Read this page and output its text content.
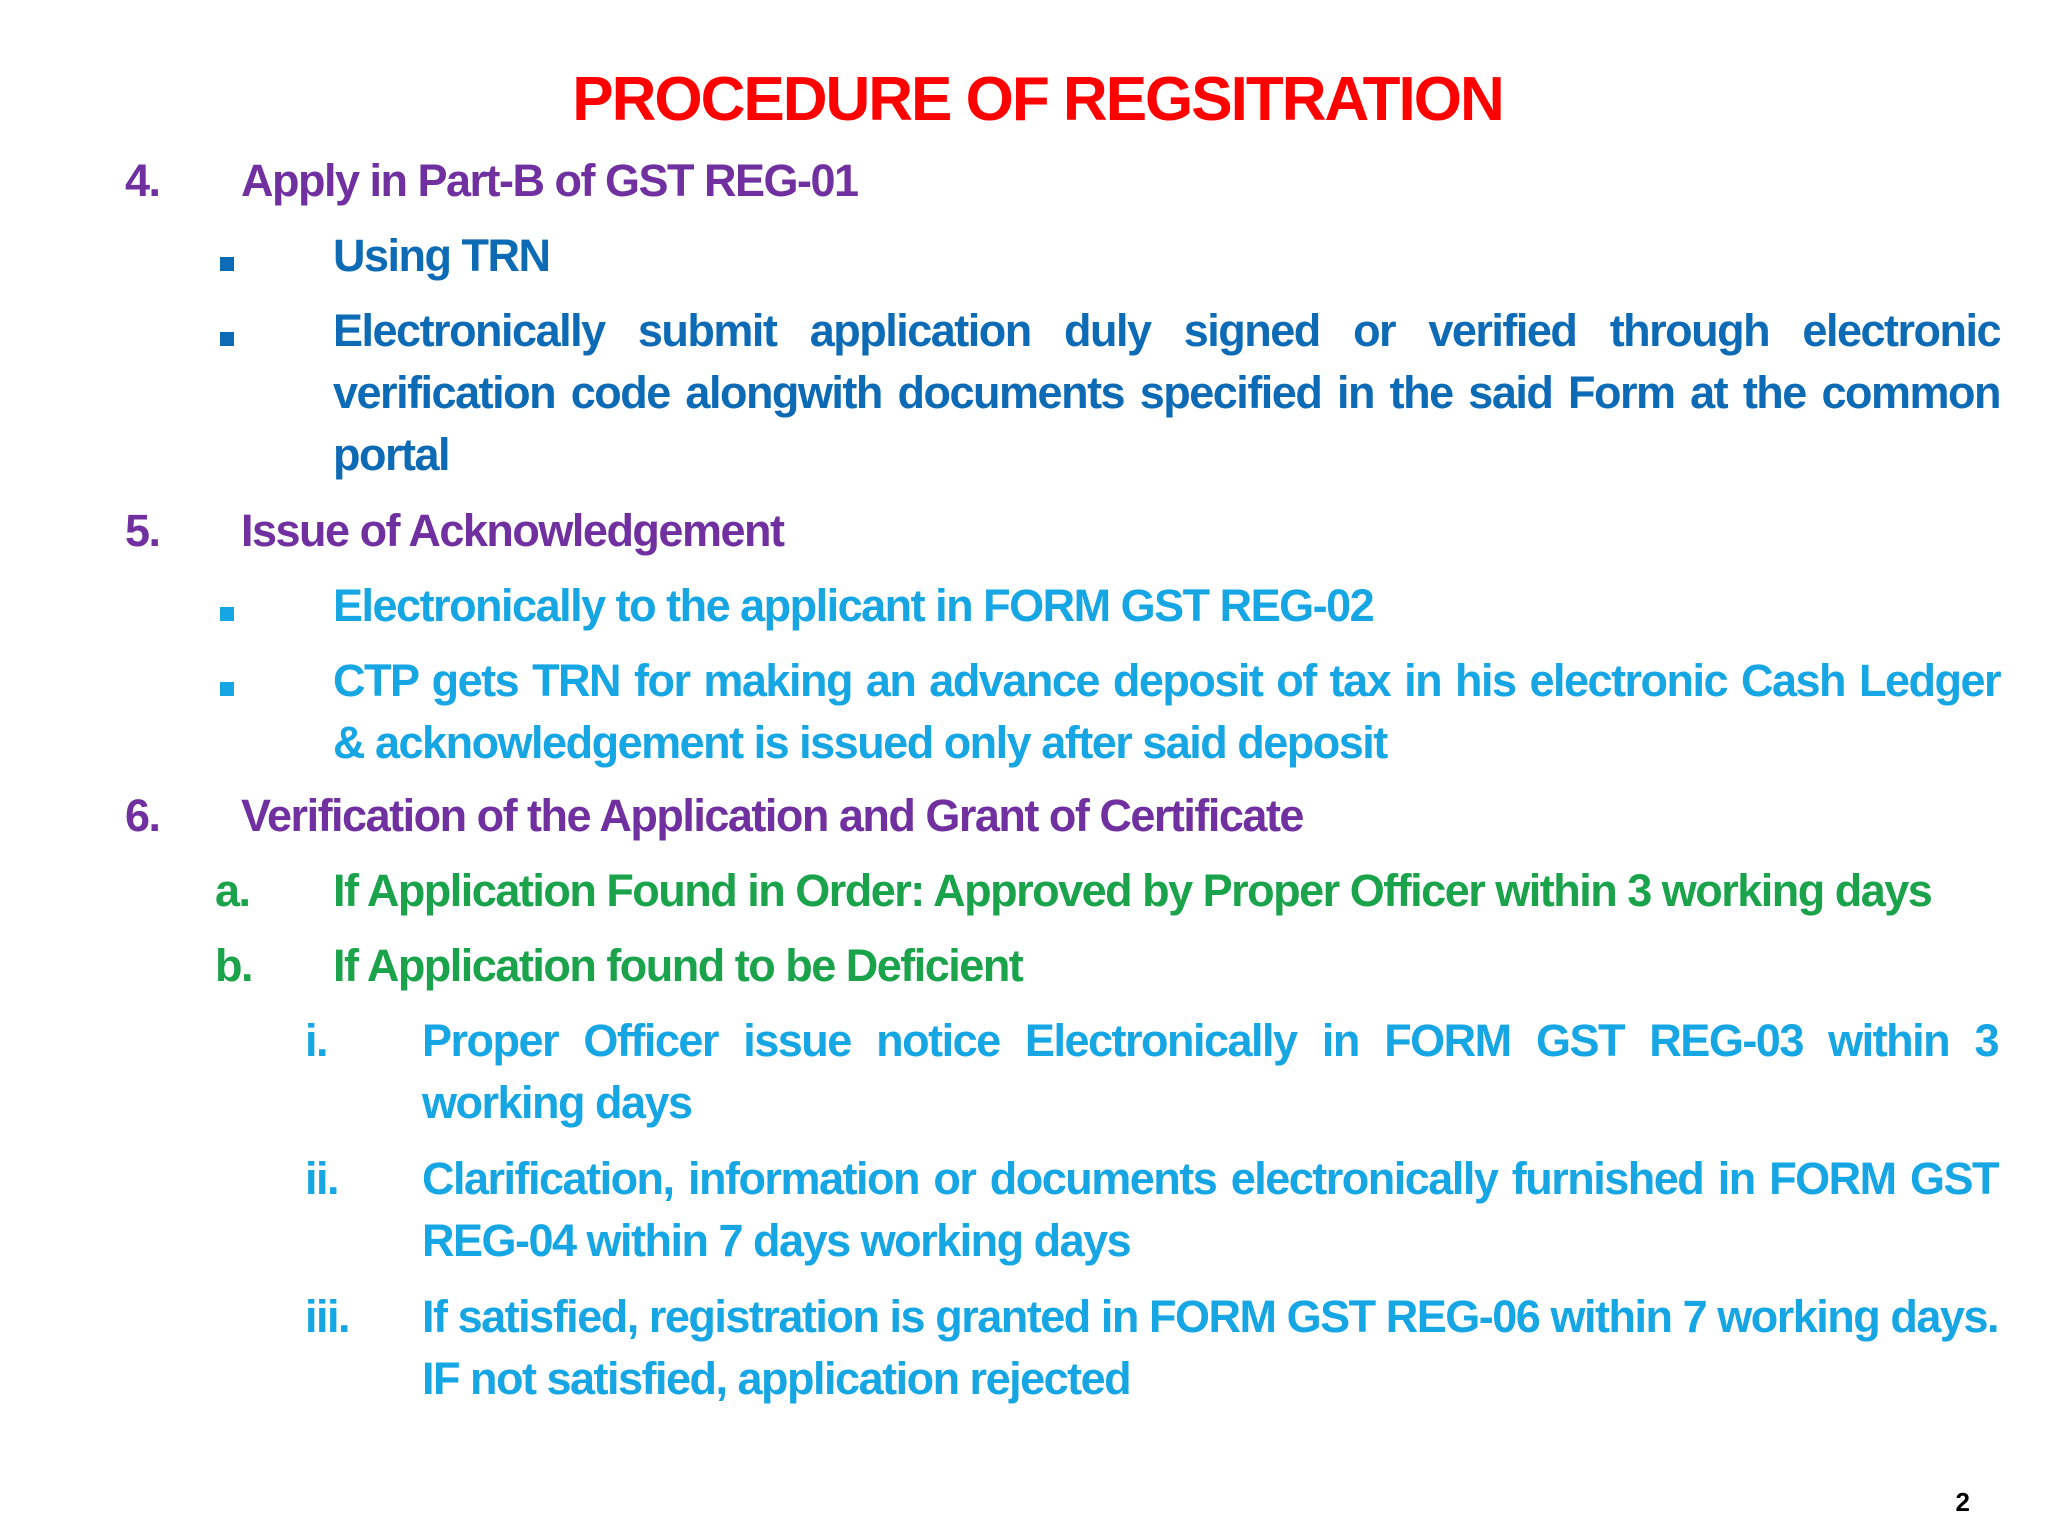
PROCEDURE OF REGSITRATION
4. Apply in Part-B of GST REG-01
Using TRN
Electronically submit application duly signed or verified through electronic verification code alongwith documents specified in the said Form at the common portal
5. Issue of Acknowledgement
Electronically to the applicant in FORM GST REG-02
CTP gets TRN for making an advance deposit of tax in his electronic Cash Ledger & acknowledgement is issued only after said deposit
6. Verification of the Application and Grant of Certificate
a. If Application Found in Order: Approved by Proper Officer within 3 working days
b. If Application found to be Deficient
i. Proper Officer issue notice Electronically in FORM GST REG-03 within 3 working days
ii. Clarification, information or documents electronically furnished in FORM GST REG-04 within 7 days working days
iii. If satisfied, registration is granted in FORM GST REG-06 within 7 working days. IF not satisfied, application rejected
2
